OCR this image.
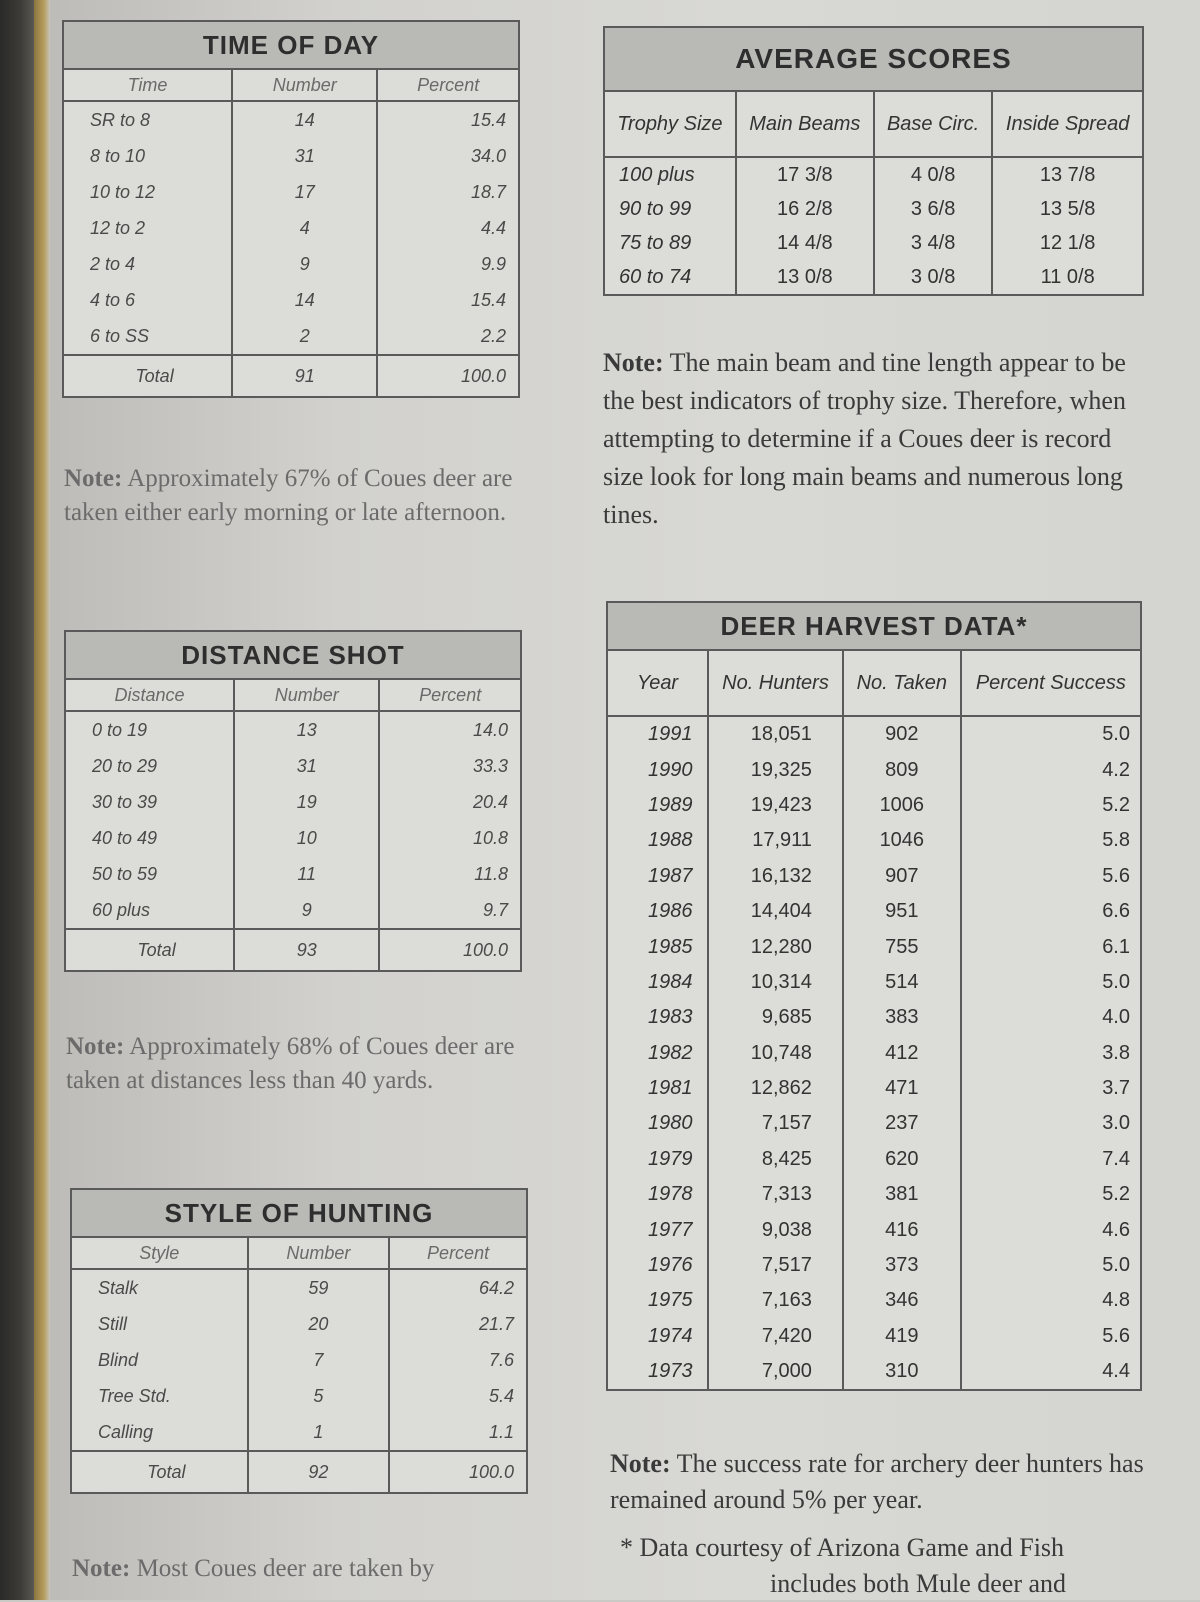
TIME OF DAY
Time	Number	Percent
SR to 8	14	15.4
8 to 10	31	34.0
10 to 12	17	18.7
12 to 2	4	4.4
2 to 4	9	9.9
4 to 6	14	15.4
6 to SS	2	2.2
Total	91	100.0
Note: Approximately 67% of Coues deer are taken either early morning or late afternoon.
DISTANCE SHOT
Distance	Number	Percent
0 to 19	13	14.0
20 to 29	31	33.3
30 to 39	19	20.4
40 to 49	10	10.8
50 to 59	11	11.8
60 plus	9	9.7
Total	93	100.0
Note: Approximately 68% of Coues deer are taken at distances less than 40 yards.
STYLE OF HUNTING
Style	Number	Percent
Stalk	59	64.2
Still	20	21.7
Blind	7	7.6
Tree Std.	5	5.4
Calling	1	1.1
Total	92	100.0
Note: Most Coues deer are taken by
AVERAGE SCORES
Trophy Size	Main Beams	Base Circ.	Inside Spread
100 plus	17 3/8	4 0/8	13 7/8
90 to 99	16 2/8	3 6/8	13 5/8
75 to 89	14 4/8	3 4/8	12 1/8
60 to 74	13 0/8	3 0/8	11 0/8
Note: The main beam and tine length appear to be the best indicators of trophy size. Therefore, when attempting to determine if a Coues deer is record size look for long main beams and numerous long tines.
DEER HARVEST DATA*
Year	No. Hunters	No. Taken	Percent Success
1991	18,051	902	5.0
1990	19,325	809	4.2
1989	19,423	1006	5.2
1988	17,911	1046	5.8
1987	16,132	907	5.6
1986	14,404	951	6.6
1985	12,280	755	6.1
1984	10,314	514	5.0
1983	9,685	383	4.0
1982	10,748	412	3.8
1981	12,862	471	3.7
1980	7,157	237	3.0
1979	8,425	620	7.4
1978	7,313	381	5.2
1977	9,038	416	4.6
1976	7,517	373	5.0
1975	7,163	346	4.8
1974	7,420	419	5.6
1973	7,000	310	4.4
Note: The success rate for archery deer hunters has remained around 5% per year.
* Data courtesy of Arizona Game and Fish
includes both Mule deer and
